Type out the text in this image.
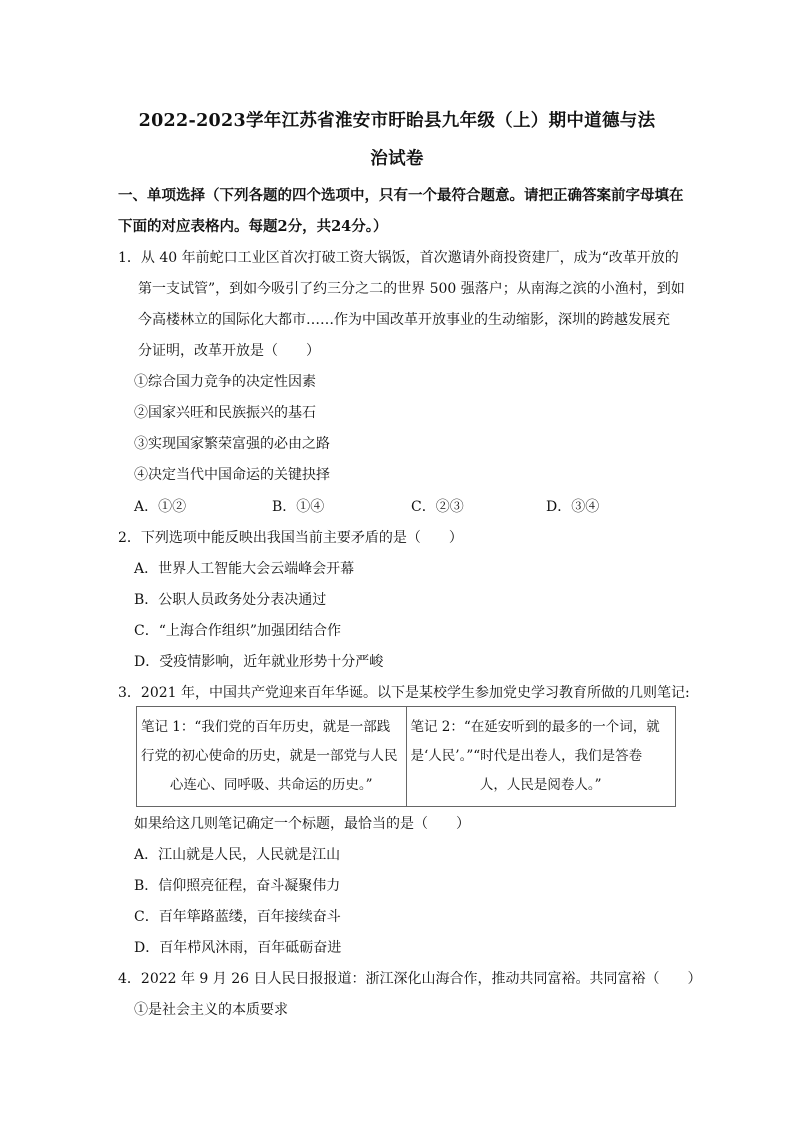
2022-2023学年江苏省淮安市盱眙县九年级（上）期中道德与法
治试卷
一、单项选择（下列各题的四个选项中，只有一个最符合题意。请把正确答案前字母填在
下面的对应表格内。每题2分，共24分。）
1．从 40 年前蛇口工业区首次打破工资大锅饭，首次邀请外商投资建厂，成为“改革开放的
第一支试管”，到如今吸引了约三分之二的世界 500 强落户；从南海之滨的小渔村，到如
今高楼林立的国际化大都市……作为中国改革开放事业的生动缩影，深圳的跨越发展充
分证明，改革开放是（　　）
①综合国力竞争的决定性因素
②国家兴旺和民族振兴的基石
③实现国家繁荣富强的必由之路
④决定当代中国命运的关键抉择
A．①②	B．①④	C．②③	D．③④
2．下列选项中能反映出我国当前主要矛盾的是（　　）
A．世界人工智能大会云端峰会开幕
B．公职人员政务处分表决通过
C．“上海合作组织”加强团结合作
D．受疫情影响，近年就业形势十分严峻
3．2021 年，中国共产党迎来百年华诞。以下是某校学生参加党史学习教育所做的几则笔记:
笔记 1：“我们党的百年历史，就是一部践
行党的初心使命的历史，就是一部党与人民
心连心、同呼吸、共命运的历史。”
	笔记 2：“在延安听到的最多的一个词，就
是‘人民’。”“时代是出卷人，我们是答卷
人，人民是阅卷人。”
如果给这几则笔记确定一个标题，最恰当的是（　　）
A．江山就是人民，人民就是江山
B．信仰照亮征程，奋斗凝聚伟力
C．百年筚路蓝缕，百年接续奋斗
D．百年栉风沐雨，百年砥砺奋进
4．2022 年 9 月 26 日人民日报报道：浙江深化山海合作，推动共同富裕。共同富裕（　　）
①是社会主义的本质要求
